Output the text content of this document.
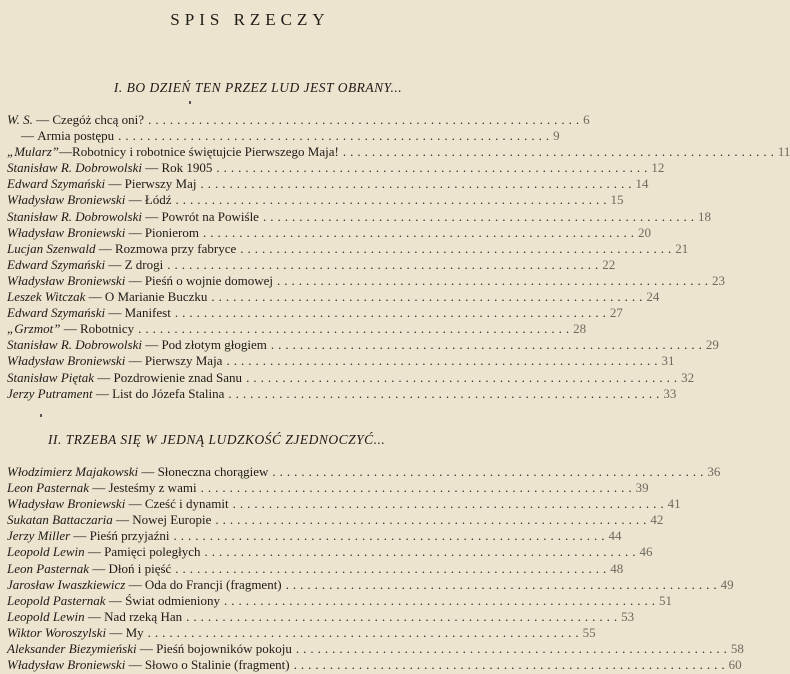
SPIS RZECZY
I. BO DZIEŃ TEN PRZEZ LUD JEST OBRANY...
W. S. — Czegóż chcą oni? ............................................................ 6
— Armia postępu ............................................................ 9
„Mularz” — Robotnicy i robotnice świętujcie Pierwszego Maja! ............................................................ 11
Stanisław R. Dobrowolski — Rok 1905 ............................................................ 12
Edward Szymański — Pierwszy Maj ............................................................ 14
Władysław Broniewski — Łódź ............................................................ 15
Stanisław R. Dobrowolski — Powrót na Powiśle ............................................................ 18
Władysław Broniewski — Pionierom ............................................................ 20
Lucjan Szenwald — Rozmowa przy fabryce ............................................................ 21
Edward Szymański — Z drogi ............................................................ 22
Władysław Broniewski — Pieśń o wojnie domowej ............................................................ 23
Leszek Witczak — O Marianie Buczku ............................................................ 24
Edward Szymański — Manifest ............................................................ 27
„Grzmot” — Robotnicy ............................................................ 28
Stanisław R. Dobrowolski — Pod złotym głogiem ............................................................ 29
Władysław Broniewski — Pierwszy Maja ............................................................ 31
Stanisław Piętak — Pozdrowienie znad Sanu ............................................................ 32
Jerzy Putrament — List do Józefa Stalina ............................................................ 33
II. TRZEBA SIĘ W JEDNĄ LUDZKOŚĆ ZJEDNOCZYĆ...
Włodzimierz Majakowski — Słoneczna chorągiew ............................................................ 36
Leon Pasternak — Jesteśmy z wami ............................................................ 39
Władysław Broniewski — Cześć i dynamit ............................................................ 41
Sukatan Battaczaria — Nowej Europie ............................................................ 42
Jerzy Miller — Pieśń przyjaźni ............................................................ 44
Leopold Lewin — Pamięci poległych ............................................................ 46
Leon Pasternak — Dłoń i pięść ............................................................ 48
Jarosław Iwaszkiewicz — Oda do Francji (fragment) ............................................................ 49
Leopold Pasternak — Świat odmieniony ............................................................ 51
Leopold Lewin — Nad rzeką Han ............................................................ 53
Wiktor Woroszylski — My ............................................................ 55
Aleksander Biezymieński — Pieśń bojowników pokoju ............................................................ 58
Władysław Broniewski — Słowo o Stalinie (fragment) ............................................................ 60
